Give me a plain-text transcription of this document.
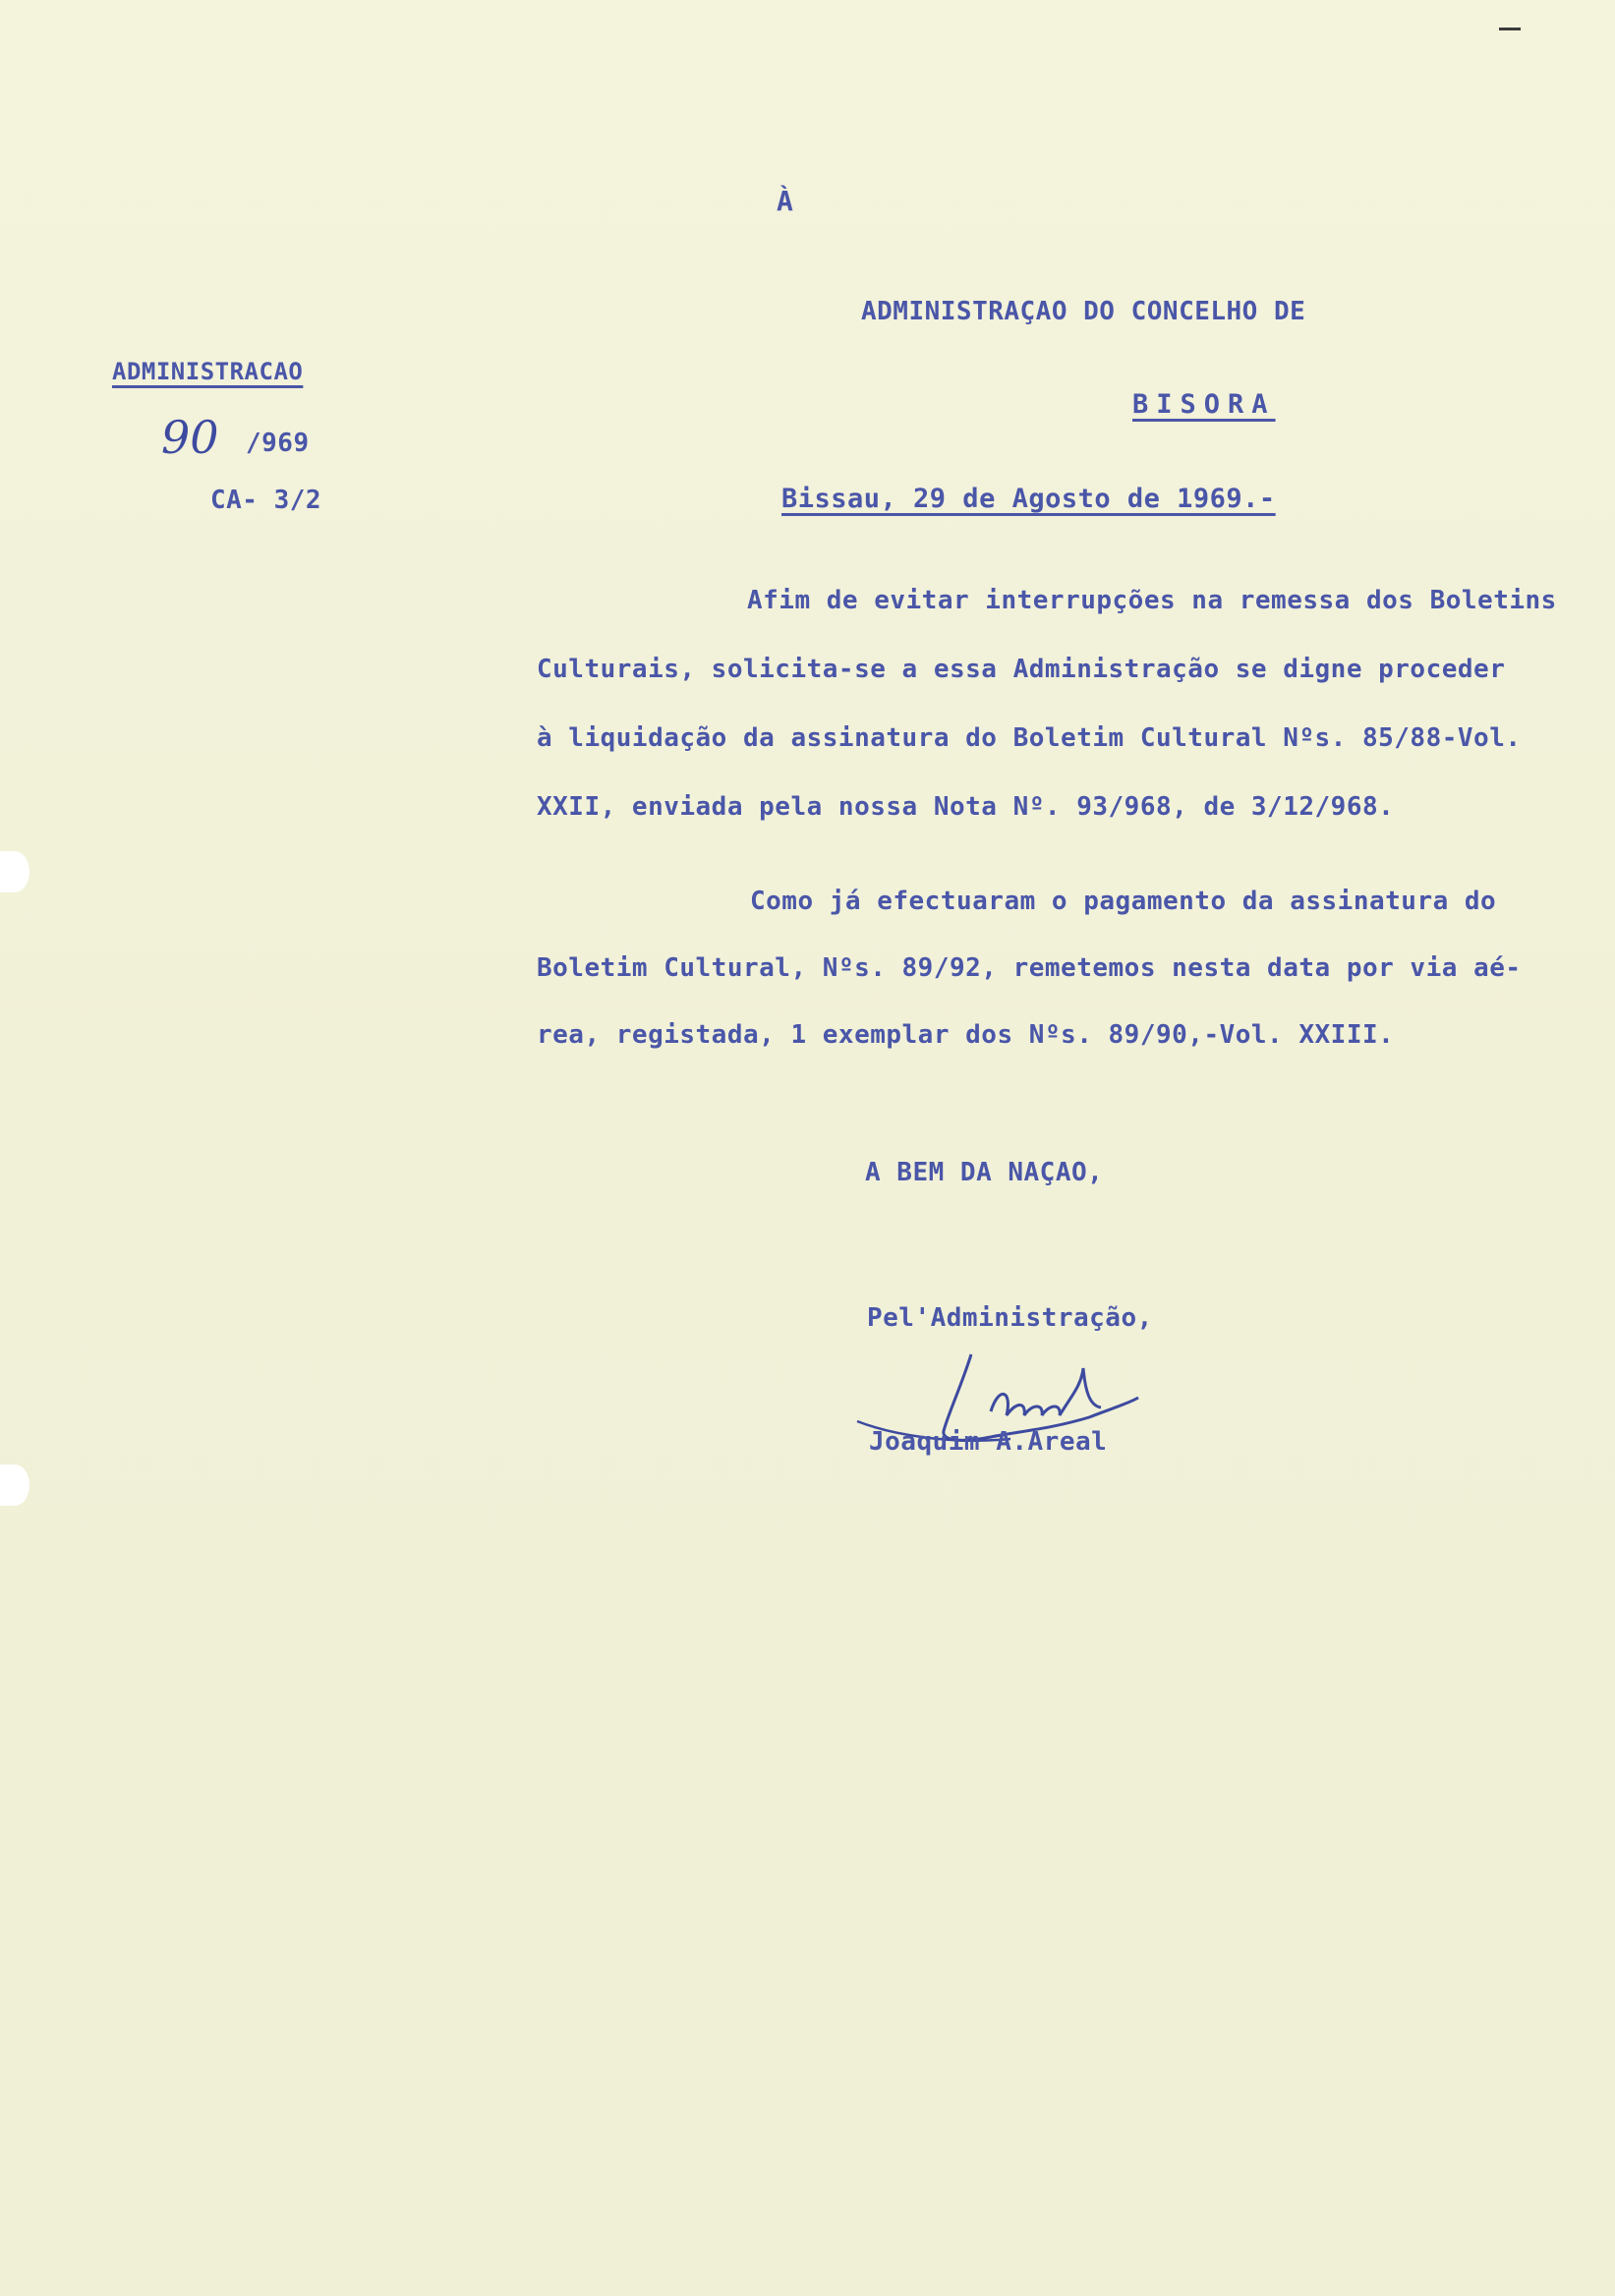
À
ADMINISTRAÇAO DO CONCELHO DE
BISORA
ADMINISTRACAO
90 /969
CA- 3/2	Bissau, 29 de Agosto de 1969.-
Afim de evitar interrupções na remessa dos Boletins
Culturais, solicita-se a essa Administração se digne proceder
à liquidação da assinatura do Boletim Cultural Nºs. 85/88-Vol.
XXII, enviada pela nossa Nota Nº. 93/968, de 3/12/968.
Como já efectuaram o pagamento da assinatura do
Boletim Cultural, Nºs. 89/92, remetemos nesta data por via aé-
rea, registada, 1 exemplar dos Nºs. 89/90,-Vol. XXIII.
A BEM DA NAÇAO,
Pel'Administração,
Joaquim A.Areal
